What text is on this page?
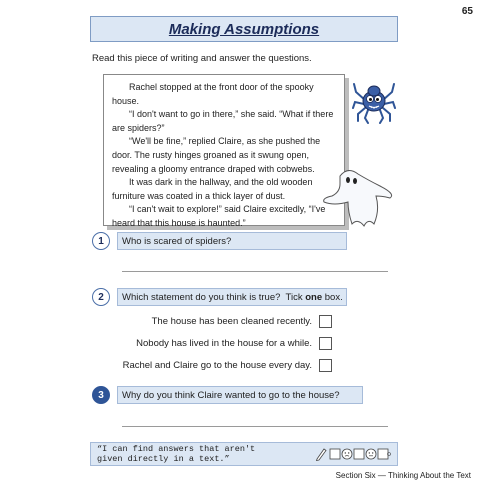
65
Making Assumptions
Read this piece of writing and answer the questions.

Rachel stopped at the front door of the spooky house.

“I don't want to go in there,” she said. “What if there are spiders?”

“We'll be fine,” replied Claire, as she pushed the door. The rusty hinges groaned as it swung open, revealing a gloomy entrance draped with cobwebs.

It was dark in the hallway, and the old wooden furniture was coated in a thick layer of dust.

“I can't wait to explore!” said Claire excitedly, “I've heard that this house is haunted.”

1	Who is scared of spiders?
2	Which statement do you think is true?  Tick one box.
The house has been cleaned recently.
Nobody has lived in the house for a while.
Rachel and Claire go to the house every day.
3	Why do you think Claire wanted to go to the house?
“I can find answers that aren't
given directly in a text.”
Section Six — Thinking About the Text
